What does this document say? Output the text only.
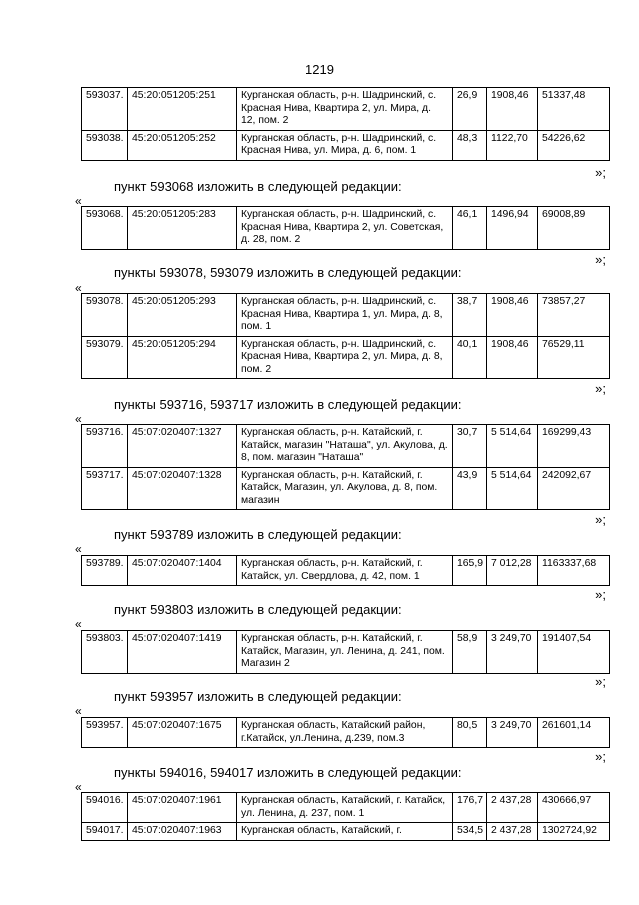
1219
593037.	45:20:051205:251	Курганская область, р-н. Шадринский, с. Красная Нива, Квартира 2, ул. Мира, д. 12, пом. 2	26,9	1908,46	51337,48
593038.	45:20:051205:252	Курганская область, р-н. Шадринский, с. Красная Нива, ул. Мира, д. 6, пом. 1	48,3	1122,70	54226,62
»;
пункт 593068 изложить в следующей редакции:
«
593068.	45:20:051205:283	Курганская область, р-н. Шадринский, с. Красная Нива, Квартира 2, ул. Советская, д. 28, пом. 2	46,1	1496,94	69008,89
»;
пункты 593078, 593079 изложить в следующей редакции:
«
593078.	45:20:051205:293	Курганская область, р-н. Шадринский, с. Красная Нива, Квартира 1, ул. Мира, д. 8, пом. 1	38,7	1908,46	73857,27
593079.	45:20:051205:294	Курганская область, р-н. Шадринский, с. Красная Нива, Квартира 2, ул. Мира, д. 8, пом. 2	40,1	1908,46	76529,11
»;
пункты 593716, 593717 изложить в следующей редакции:
«
593716.	45:07:020407:1327	Курганская область, р-н. Катайский, г. Катайск, магазин "Наташа", ул. Акулова, д. 8, пом. магазин "Наташа"	30,7	5 514,64	169299,43
593717.	45:07:020407:1328	Курганская область, р-н. Катайский, г. Катайск, Магазин, ул. Акулова, д. 8, пом. магазин	43,9	5 514,64	242092,67
»;
пункт 593789 изложить в следующей редакции:
«
593789.	45:07:020407:1404	Курганская область, р-н. Катайский, г. Катайск, ул. Свердлова, д. 42, пом. 1	165,9	7 012,28	1163337,68
»;
пункт 593803 изложить в следующей редакции:
«
593803.	45:07:020407:1419	Курганская область, р-н. Катайский, г. Катайск, Магазин, ул. Ленина, д. 241, пом. Магазин 2	58,9	3 249,70	191407,54
»;
пункт 593957 изложить в следующей редакции:
«
593957.	45:07:020407:1675	Курганская область, Катайский район, г.Катайск, ул.Ленина, д.239, пом.3	80,5	3 249,70	261601,14
»;
пункты 594016, 594017 изложить в следующей редакции:
«
594016.	45:07:020407:1961	Курганская область, Катайский, г. Катайск, ул. Ленина, д. 237, пом. 1	176,7	2 437,28	430666,97
594017.	45:07:020407:1963	Курганская область, Катайский, г.	534,5	2 437,28	1302724,92
